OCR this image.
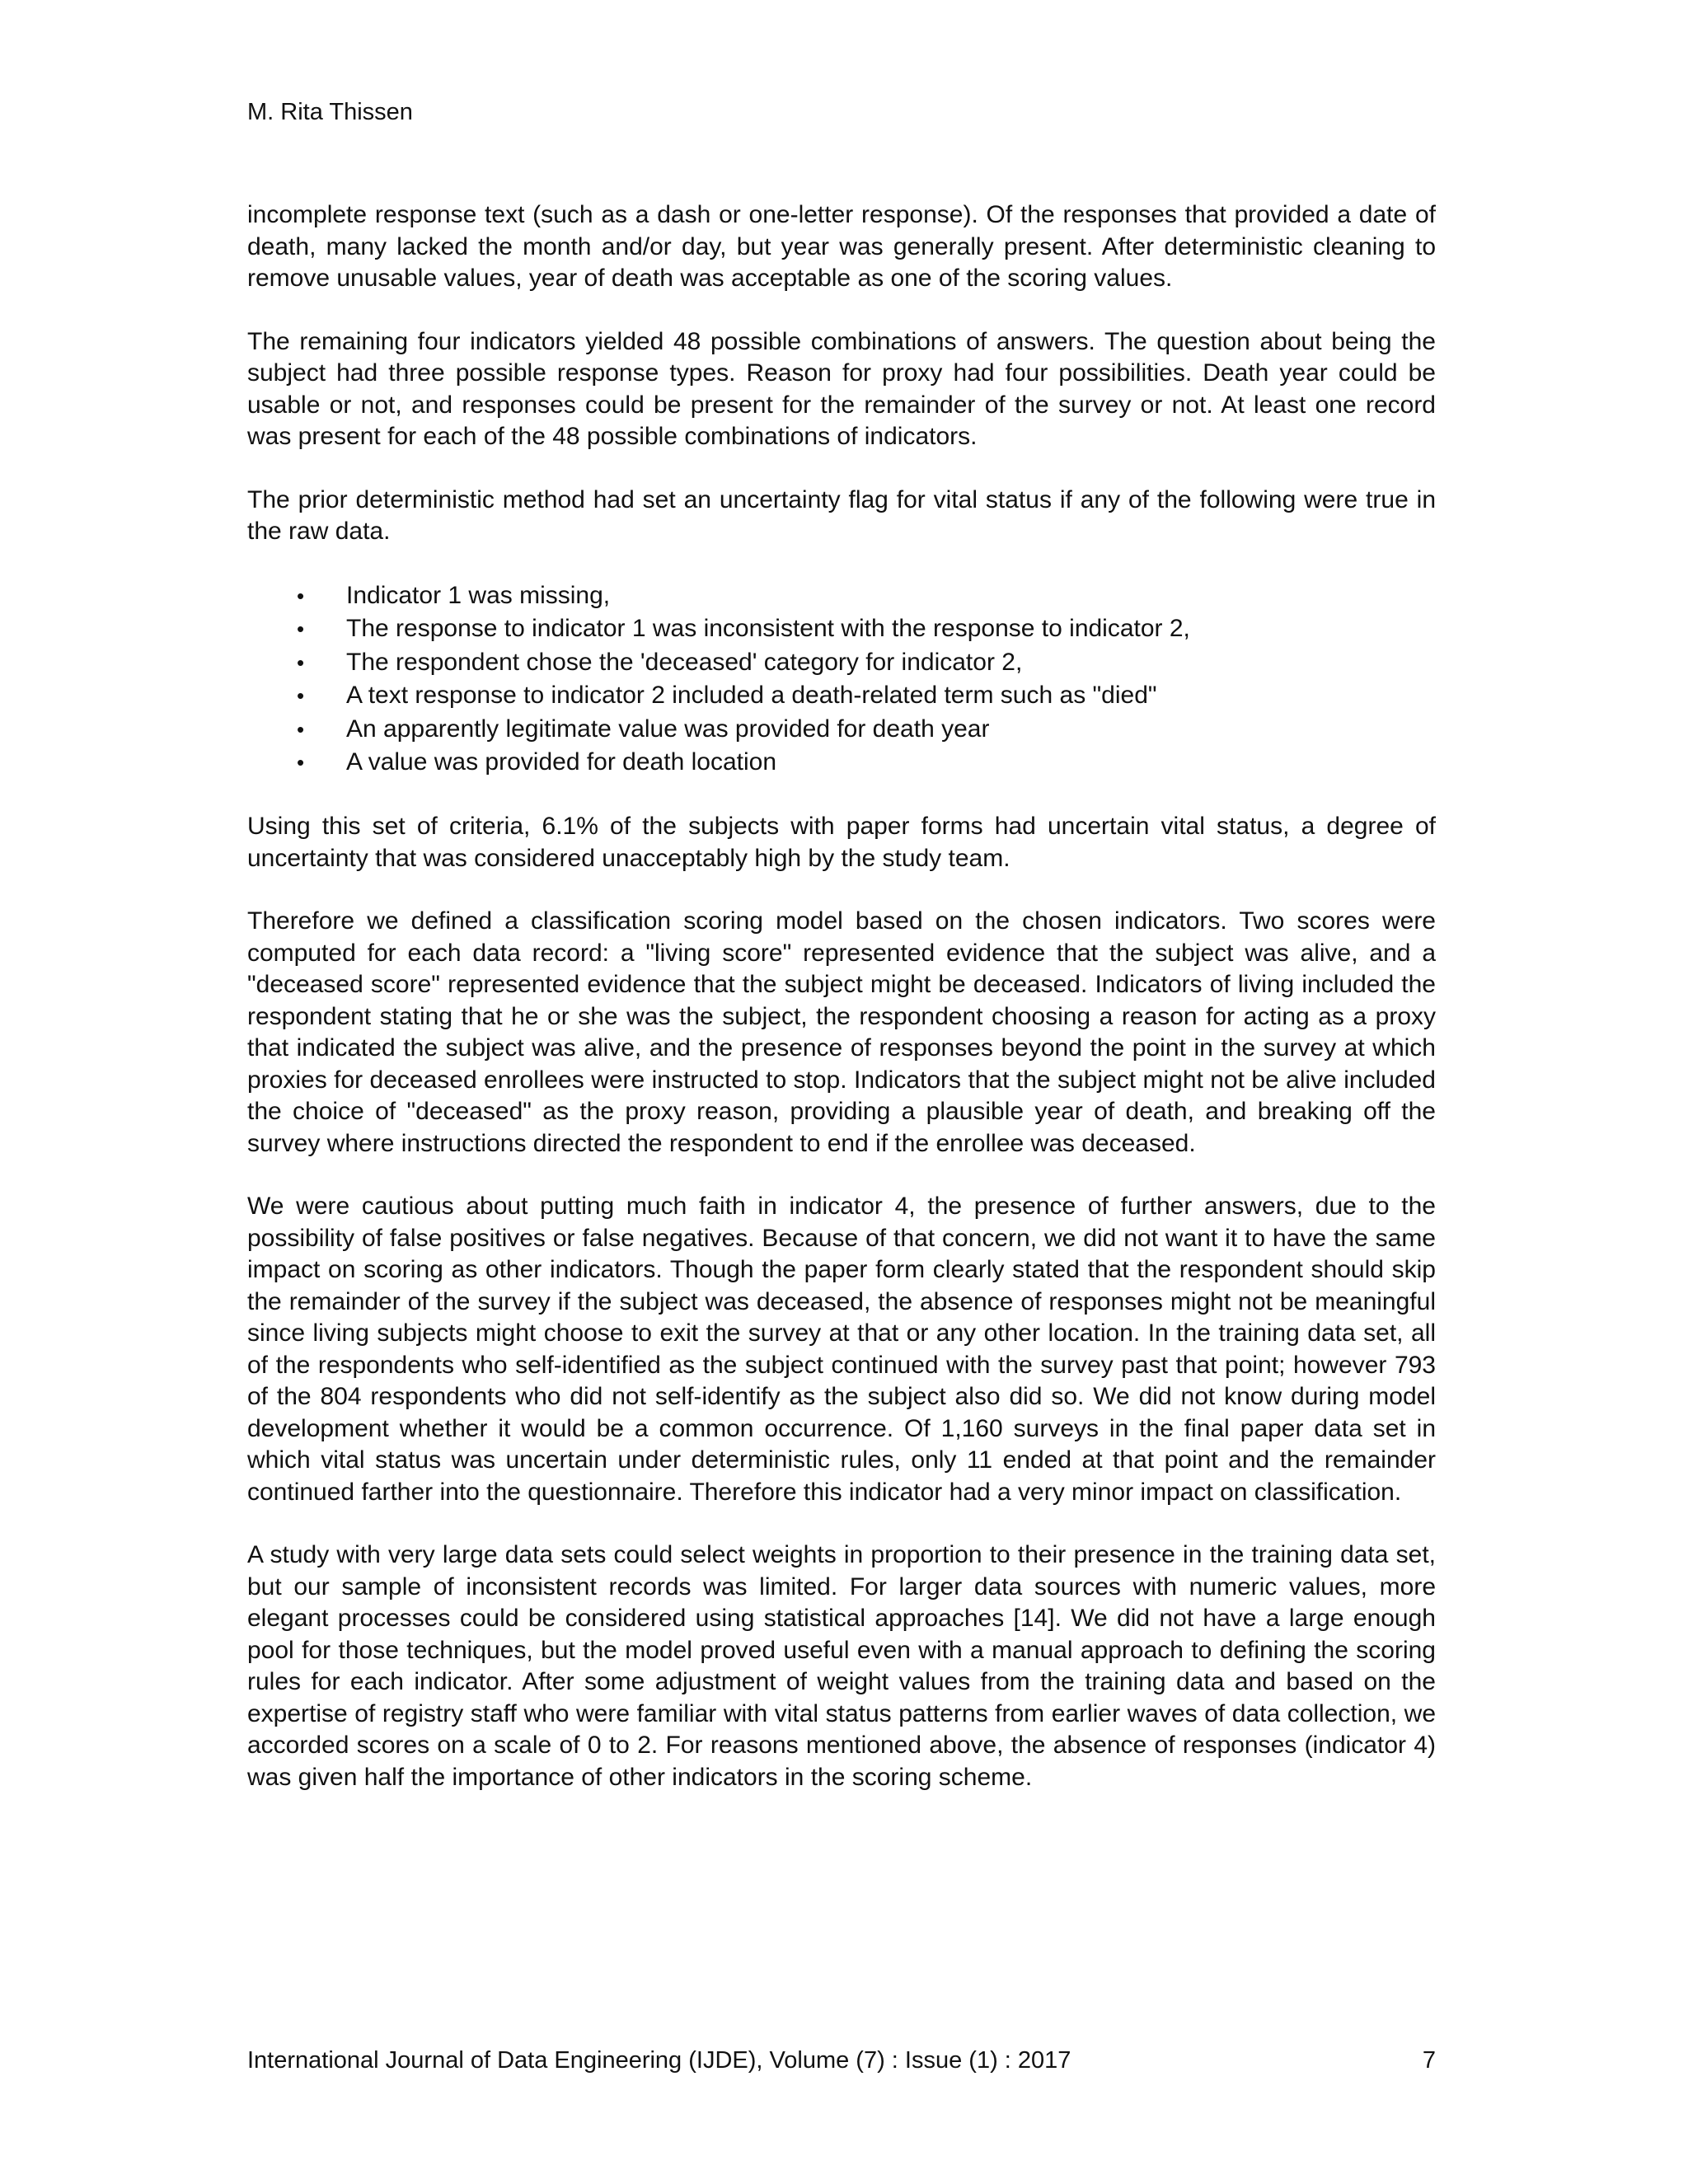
M. Rita Thissen

incomplete response text (such as a dash or one-letter response). Of the responses that provided a date of death, many lacked the month and/or day, but year was generally present. After deterministic cleaning to remove unusable values, year of death was acceptable as one of the scoring values.

The remaining four indicators yielded 48 possible combinations of answers. The question about being the subject had three possible response types. Reason for proxy had four possibilities. Death year could be usable or not, and responses could be present for the remainder of the survey or not. At least one record was present for each of the 48 possible combinations of indicators.

The prior deterministic method had set an uncertainty flag for vital status if any of the following were true in the raw data.

• Indicator 1 was missing,
• The response to indicator 1 was inconsistent with the response to indicator 2,
• The respondent chose the 'deceased' category for indicator 2,
• A text response to indicator 2 included a death-related term such as "died"
• An apparently legitimate value was provided for death year
• A value was provided for death location

Using this set of criteria, 6.1% of the subjects with paper forms had uncertain vital status, a degree of uncertainty that was considered unacceptably high by the study team.

Therefore we defined a classification scoring model based on the chosen indicators. Two scores were computed for each data record: a "living score" represented evidence that the subject was alive, and a "deceased score" represented evidence that the subject might be deceased. Indicators of living included the respondent stating that he or she was the subject, the respondent choosing a reason for acting as a proxy that indicated the subject was alive, and the presence of responses beyond the point in the survey at which proxies for deceased enrollees were instructed to stop. Indicators that the subject might not be alive included the choice of "deceased" as the proxy reason, providing a plausible year of death, and breaking off the survey where instructions directed the respondent to end if the enrollee was deceased.

We were cautious about putting much faith in indicator 4, the presence of further answers, due to the possibility of false positives or false negatives. Because of that concern, we did not want it to have the same impact on scoring as other indicators. Though the paper form clearly stated that the respondent should skip the remainder of the survey if the subject was deceased, the absence of responses might not be meaningful since living subjects might choose to exit the survey at that or any other location. In the training data set, all of the respondents who self-identified as the subject continued with the survey past that point; however 793 of the 804 respondents who did not self-identify as the subject also did so. We did not know during model development whether it would be a common occurrence. Of 1,160 surveys in the final paper data set in which vital status was uncertain under deterministic rules, only 11 ended at that point and the remainder continued farther into the questionnaire. Therefore this indicator had a very minor impact on classification.

A study with very large data sets could select weights in proportion to their presence in the training data set, but our sample of inconsistent records was limited. For larger data sources with numeric values, more elegant processes could be considered using statistical approaches [14]. We did not have a large enough pool for those techniques, but the model proved useful even with a manual approach to defining the scoring rules for each indicator. After some adjustment of weight values from the training data and based on the expertise of registry staff who were familiar with vital status patterns from earlier waves of data collection, we accorded scores on a scale of 0 to 2. For reasons mentioned above, the absence of responses (indicator 4) was given half the importance of other indicators in the scoring scheme.

International Journal of Data Engineering (IJDE), Volume (7) : Issue (1) : 2017	7
